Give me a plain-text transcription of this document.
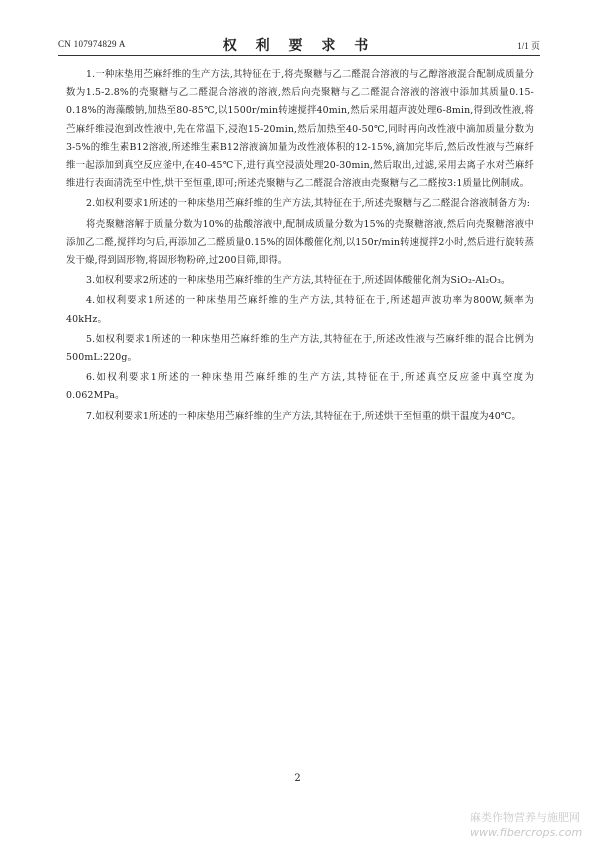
CN 107974829 A	权 利 要 求 书	1/1 页

1.一种床垫用苎麻纤维的生产方法,其特征在于,将壳聚糖与乙二醛混合溶液的与乙醇溶液混合配制成质量分数为1.5-2.8%的壳聚糖与乙二醛混合溶液的溶液,然后向壳聚糖与乙二醛混合溶液的溶液中添加其质量0.15-0.18%的海藻酸钠,加热至80-85℃,以1500r/min转速搅拌40min,然后采用超声波处理6-8min,得到改性液,将苎麻纤维浸泡到改性液中,先在常温下,浸泡15-20min,然后加热至40-50℃,同时再向改性液中滴加质量分数为3-5%的维生素B12溶液,所述维生素B12溶液滴加量为改性液体积的12-15%,滴加完毕后,然后改性液与苎麻纤维一起添加到真空反应釜中,在40-45℃下,进行真空浸渍处理20-30min,然后取出,过滤,采用去离子水对苎麻纤维进行表面清洗至中性,烘干至恒重,即可;所述壳聚糖与乙二醛混合溶液由壳聚糖与乙二醛按3:1质量比例制成。

2.如权利要求1所述的一种床垫用苎麻纤维的生产方法,其特征在于,所述壳聚糖与乙二醛混合溶液制备方为:

将壳聚糖溶解于质量分数为10%的盐酸溶液中,配制成质量分数为15%的壳聚糖溶液,然后向壳聚糖溶液中添加乙二醛,搅拌均匀后,再添加乙二醛质量0.15%的固体酸催化剂,以150r/min转速搅拌2小时,然后进行旋转蒸发干燥,得到固形物,将固形物粉碎,过200目筛,即得。

3.如权利要求2所述的一种床垫用苎麻纤维的生产方法,其特征在于,所述固体酸催化剂为SiO₂-Al₂O₃。

4.如权利要求1所述的一种床垫用苎麻纤维的生产方法,其特征在于,所述超声波功率为800W,频率为40kHz。

5.如权利要求1所述的一种床垫用苎麻纤维的生产方法,其特征在于,所述改性液与苎麻纤维的混合比例为500mL:220g。

6.如权利要求1所述的一种床垫用苎麻纤维的生产方法,其特征在于,所述真空反应釜中真空度为0.062MPa。

7.如权利要求1所述的一种床垫用苎麻纤维的生产方法,其特征在于,所述烘干至恒重的烘干温度为40℃。

2
麻类作物营养与施肥网
www.fibercrops.com
